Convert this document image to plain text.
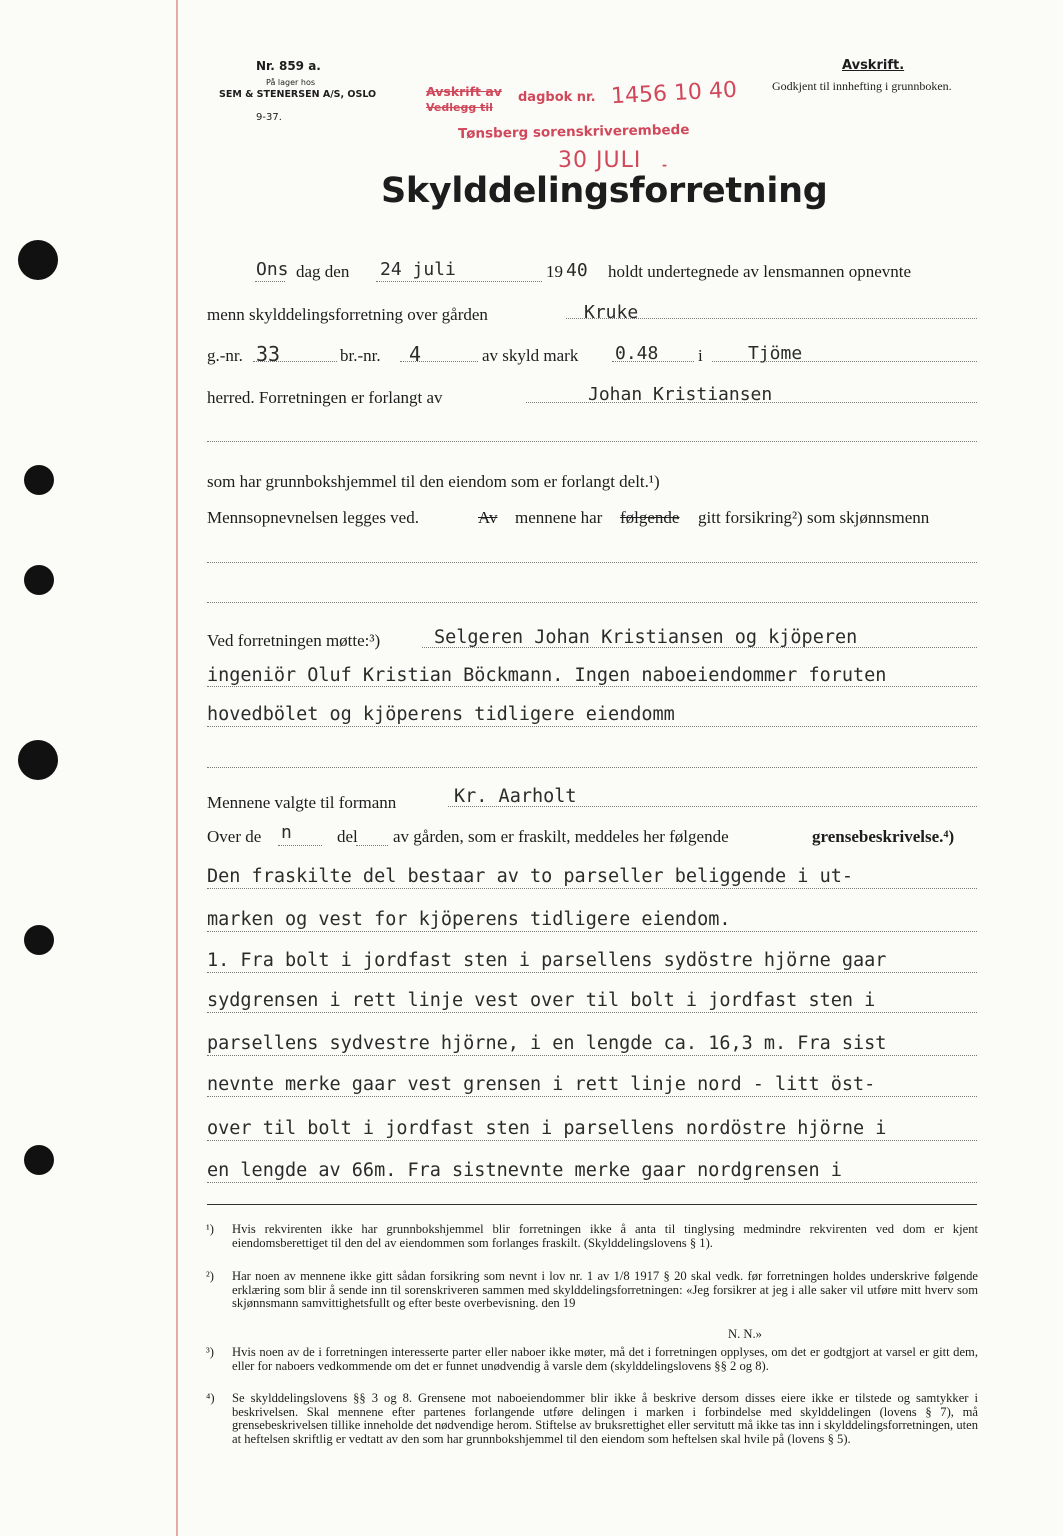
Nr. 859 a.
På lager hos
SEM & STENERSEN A/S, OSLO
9-37.
Avskrift.
Godkjent til innhefting i grunnboken.
Avskrift av
Vedlegg til
dagbok nr. 1456 10 40
Tønsberg sorenskriverembede
30 JULI -
Skylddelingsforretning
Ons dag den 24 juli	19 40 holdt undertegnede av lensmannen opnevnte
menn skylddelingsforretning over gården	Kruke
g.-nr. 33	br.-nr. 4	av skyld mark 0.48 i	Tjöme
herred. Forretningen er forlangt av	Johan Kristiansen
som har grunnbokshjemmel til den eiendom som er forlangt delt.¹)
Mennsopnevnelsen legges ved.	Av mennene har følgende gitt forsikring²) som skjønnsmenn
Ved forretningen møtte:³)	Selgeren Johan Kristiansen og kjöperen
ingeniör Oluf Kristian Böckmann. Ingen naboeiendommer foruten
hovedbölet og kjöperens tidligere eiendomm
Mennene valgte til formann	Kr. Aarholt
Over de n	del av gården, som er fraskilt, meddeles her følgende	grensebeskrivelse.⁴)
Den fraskilte del bestaar av to parseller beliggende i ut-
marken og vest for kjöperens tidligere eiendom.
1. Fra bolt i jordfast sten i parsellens sydöstre hjörne gaar
sydgrensen i rett linje vest over til bolt i jordfast sten i
parsellens sydvestre hjörne, i en lengde ca. 16,3 m. Fra sist
nevnte merke gaar vest grensen i rett linje nord - litt öst-
over til bolt i jordfast sten i parsellens nordöstre hjörne i
en lengde av 66m. Fra sistnevnte merke gaar nordgrensen i
¹) Hvis rekvirenten ikke har grunnbokshjemmel blir forretningen ikke å anta til tinglysing medmindre rekvirenten ved dom er kjent eiendomsberettiget til den del av eiendommen som forlanges fraskilt. (Skylddelingslovens § 1).
²) Har noen av mennene ikke gitt sådan forsikring som nevnt i lov nr. 1 av 1/8 1917 § 20 skal vedk. før forretningen holdes underskrive følgende erklæring som blir å sende inn til sorenskriveren sammen med skylddelingsforretningen: «Jeg forsikrer at jeg i alle saker vil utføre mitt hverv som skjønnsmann samvittighetsfullt og efter beste overbevisning. den 19
N. N.»
³) Hvis noen av de i forretningen interesserte parter eller naboer ikke møter, må det i forretningen opplyses, om det er godtgjort at varsel er gitt dem, eller for naboers vedkommende om det er funnet unødvendig å varsle dem (skylddelingslovens §§ 2 og 8).
⁴) Se skylddelingslovens §§ 3 og 8. Grensene mot naboeiendommer blir ikke å beskrive dersom disses eiere ikke er tilstede og samtykker i beskrivelsen. Skal mennene efter partenes forlangende utføre delingen i marken i forbindelse med skylddelingen (lovens § 7), må grensebeskrivelsen tillike inneholde det nødvendige herom. Stiftelse av bruksrettighet eller servitutt må ikke tas inn i skylddelingsforretningen, uten at heftelsen skriftlig er vedtatt av den som har grunnbokshjemmel til den eiendom som heftelsen skal hvile på (lovens § 5).
